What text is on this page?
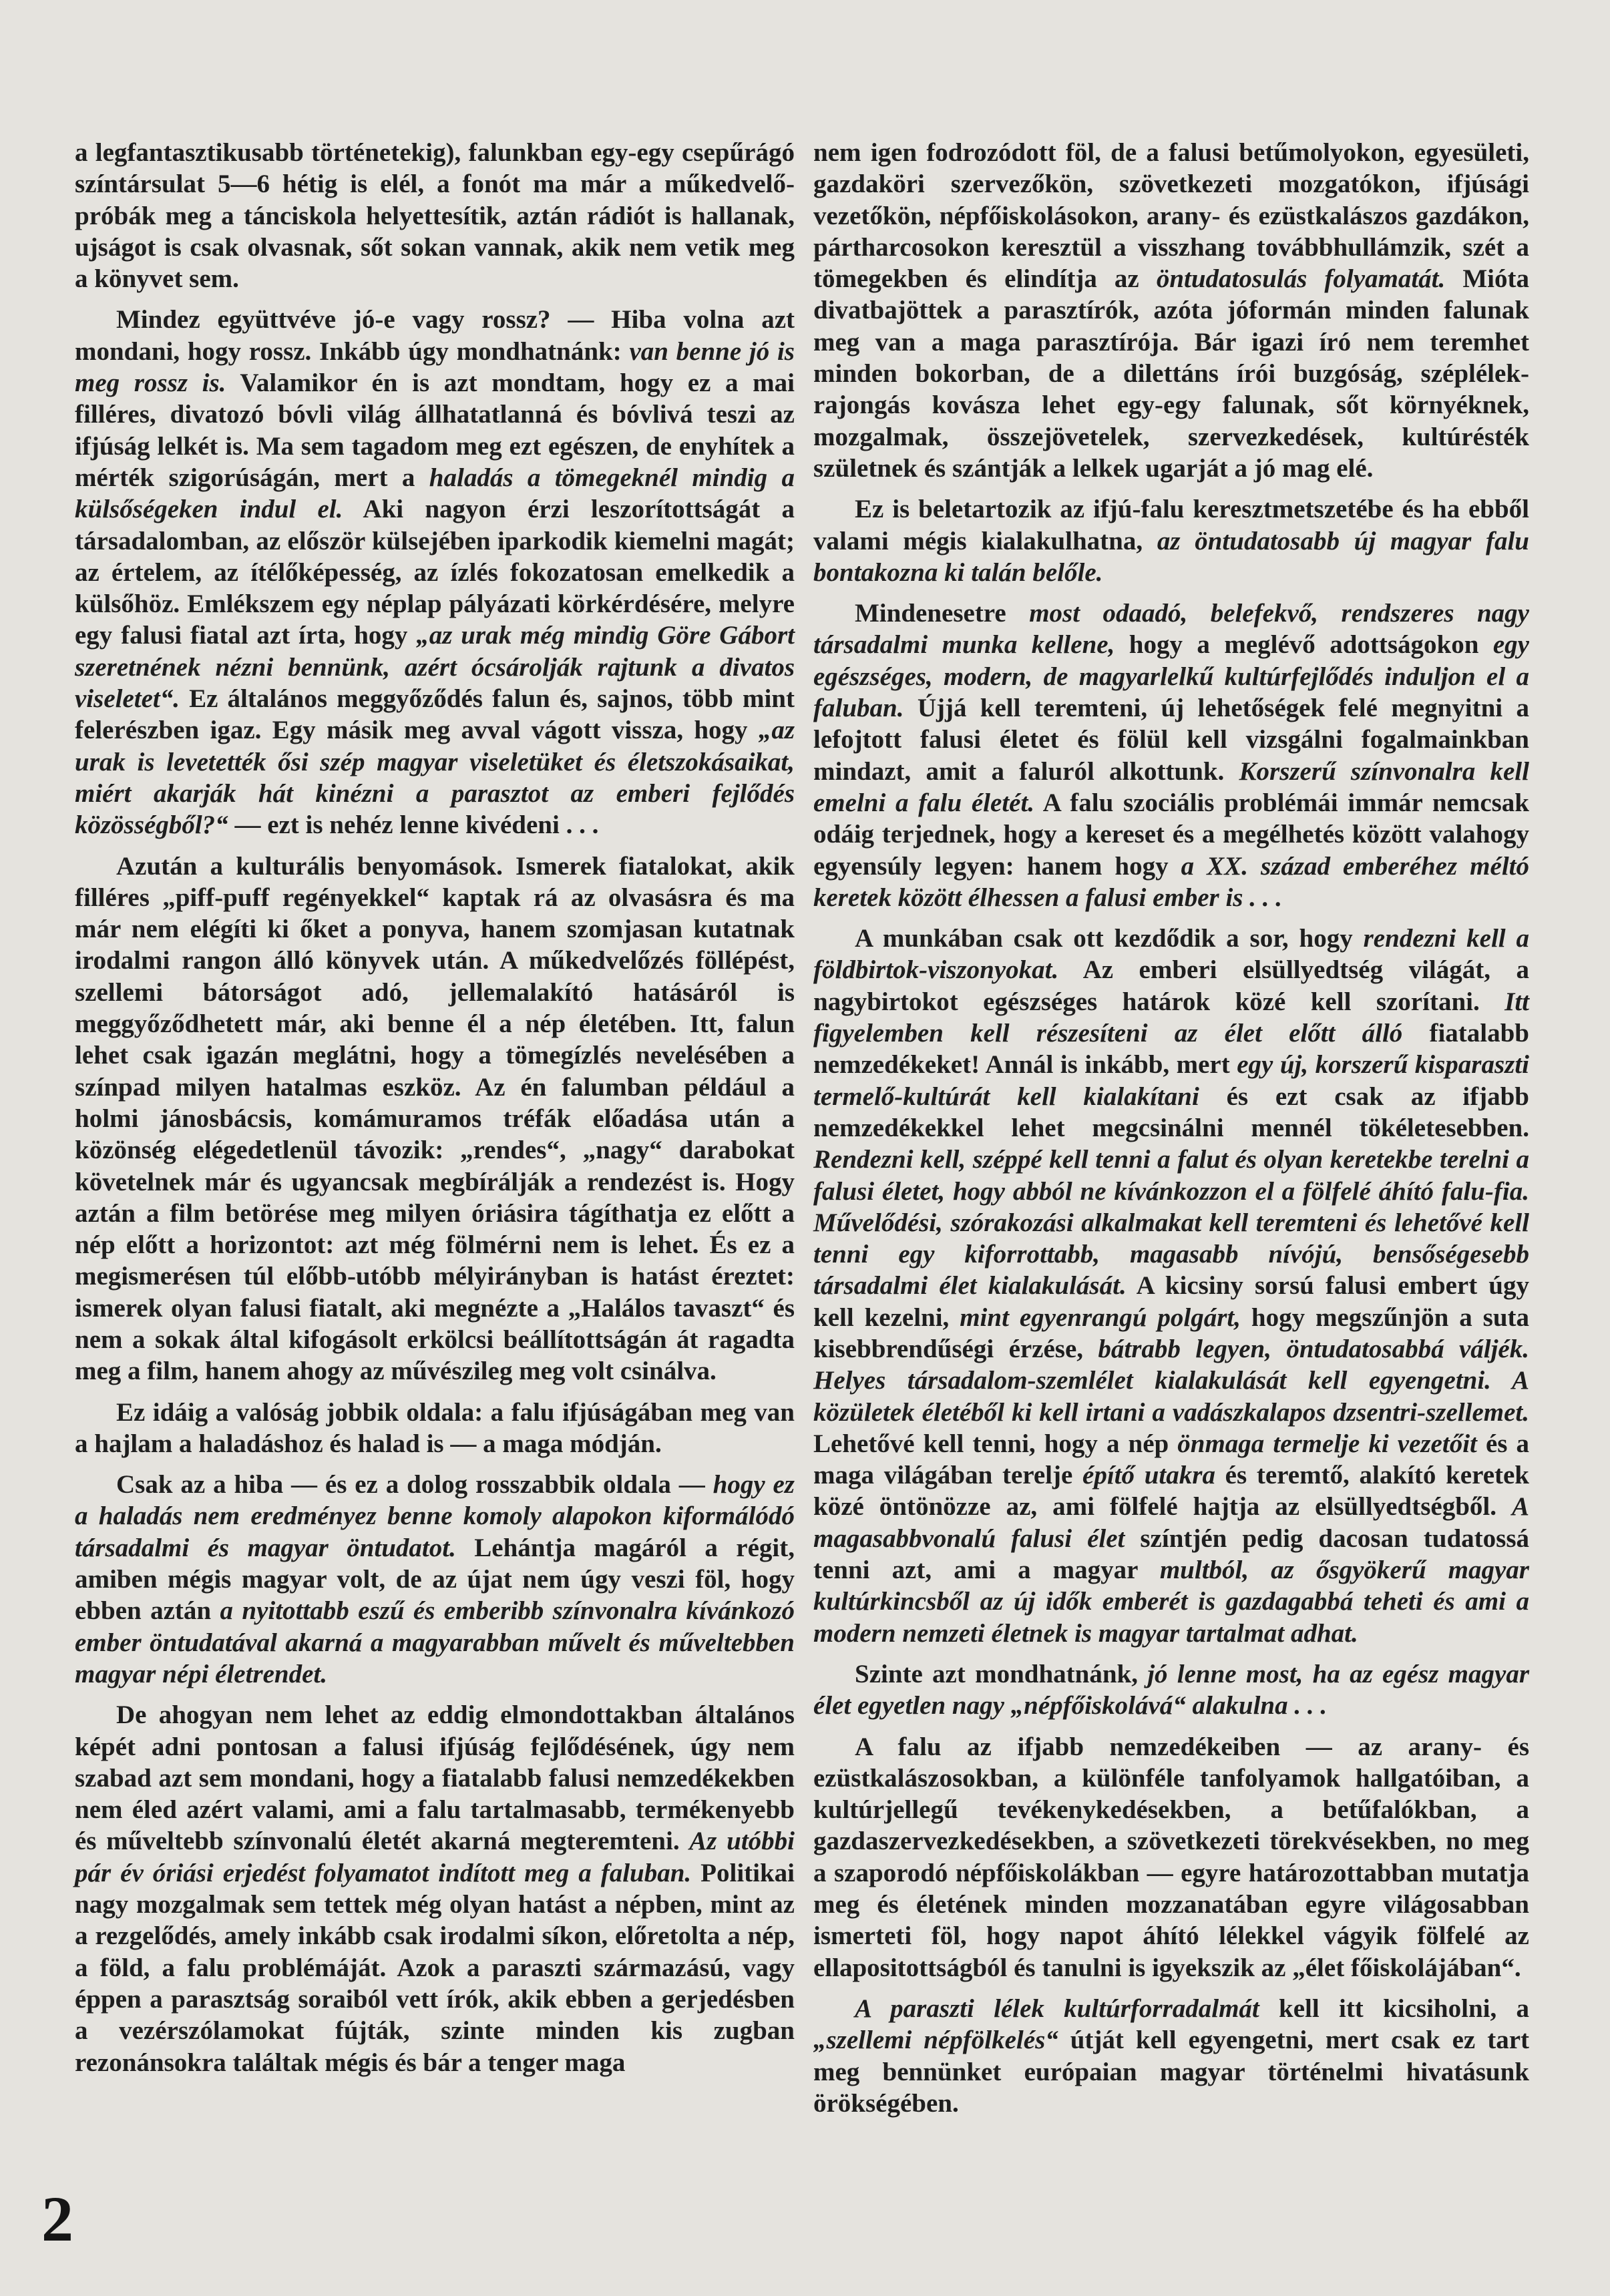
a legfantasztikusabb történetekig), falunkban egy-egy csepűrágó színtársulat 5—6 hétig is elél, a fonót ma már a műkedvelő-próbák meg a tánciskola helyettesítik, aztán rádiót is hallanak, ujságot is csak olvasnak, sőt sokan vannak, akik nem vetik meg a könyvet sem.

Mindez együttvéve jó-e vagy rossz? — Hiba volna azt mondani, hogy rossz. Inkább úgy mondhatnánk: van benne jó is meg rossz is. Valamikor én is azt mondtam, hogy ez a mai filléres, divatozó bóvli világ állhatatlanná és bóvlivá teszi az ifjúság lelkét is. Ma sem tagadom meg ezt egészen, de enyhítek a mérték szigorúságán, mert a haladás a tömegeknél mindig a külsőségeken indul el. Aki nagyon érzi leszorítottságát a társadalomban, az először külsejében iparkodik kiemelni magát; az értelem, az ítélőképesség, az ízlés fokozatosan emelkedik a külsőhöz. Emlékszem egy néplap pályázati körkérdésére, melyre egy falusi fiatal azt írta, hogy „az urak még mindig Göre Gábort szeretnének nézni bennünk, azért ócsárolják rajtunk a divatos viseletet“. Ez általános meggyőződés falun és, sajnos, több mint felerészben igaz. Egy másik meg avval vágott vissza, hogy „az urak is levetették ősi szép magyar viseletüket és életszokásaikat, miért akarják hát kinézni a parasztot az emberi fejlődés közösségből?“ — ezt is nehéz lenne kivédeni . . .

Azután a kulturális benyomások. Ismerek fiatalokat, akik filléres „piff-puff regényekkel“ kaptak rá az olvasásra és ma már nem elégíti ki őket a ponyva, hanem szomjasan kutatnak irodalmi rangon álló könyvek után. A műkedvelőzés föllépést, szellemi bátorságot adó, jellemalakító hatásáról is meggyőződhetett már, aki benne él a nép életében. Itt, falun lehet csak igazán meglátni, hogy a tömegízlés nevelésében a színpad milyen hatalmas eszköz. Az én falumban például a holmi jánosbácsis, komámuramos tréfák előadása után a közönség elégedetlenül távozik: „rendes“, „nagy“ darabokat követelnek már és ugyancsak megbírálják a rendezést is. Hogy aztán a film betörése meg milyen óriásira tágíthatja ez előtt a nép előtt a horizontot: azt még fölmérni nem is lehet. És ez a megismerésen túl előbb-utóbb mélyirányban is hatást éreztet: ismerek olyan falusi fiatalt, aki megnézte a „Halálos tavaszt“ és nem a sokak által kifogásolt erkölcsi beállítottságán át ragadta meg a film, hanem ahogy az művészileg meg volt csinálva.

Ez idáig a valóság jobbik oldala: a falu ifjúságában meg van a hajlam a haladáshoz és halad is — a maga módján.

Csak az a hiba — és ez a dolog rosszabbik oldala — hogy ez a haladás nem eredményez benne komoly alapokon kiformálódó társadalmi és magyar öntudatot. Lehántja magáról a régit, amiben mégis magyar volt, de az újat nem úgy veszi föl, hogy ebben aztán a nyitottabb eszű és emberibb színvonalra kívánkozó ember öntudatával akarná a magyarabban művelt és műveltebben magyar népi életrendet.

De ahogyan nem lehet az eddig elmondottakban általános képét adni pontosan a falusi ifjúság fejlődésének, úgy nem szabad azt sem mondani, hogy a fiatalabb falusi nemzedékekben nem éled azért valami, ami a falu tartalmasabb, termékenyebb és műveltebb színvonalú életét akarná megteremteni. Az utóbbi pár év óriási erjedést folyamatot indított meg a faluban. Politikai nagy mozgalmak sem tettek még olyan hatást a népben, mint az a rezgelődés, amely inkább csak irodalmi síkon, előretolta a nép, a föld, a falu problémáját. Azok a paraszti származású, vagy éppen a parasztság soraiból vett írók, akik ebben a gerjedésben a vezérszólamokat fújták, szinte minden kis zugban rezonánsokra találtak mégis és bár a tenger maga

nem igen fodrozódott föl, de a falusi betűmolyokon, egyesületi, gazdaköri szervezőkön, szövetkezeti mozgatókon, ifjúsági vezetőkön, népfőiskolásokon, arany- és ezüstkalászos gazdákon, pártharcosokon keresztül a visszhang továbbhullámzik, szét a tömegekben és elindítja az öntudatosulás folyamatát. Mióta divatbajöttek a parasztírók, azóta jóformán minden falunak meg van a maga parasztírója. Bár igazi író nem teremhet minden bokorban, de a dilettáns írói buzgóság, széplélek-rajongás kovásza lehet egy-egy falunak, sőt környéknek, mozgalmak, összejövetelek, szervezkedések, kultúrésték születnek és szántják a lelkek ugarját a jó mag elé.

Ez is beletartozik az ifjú-falu keresztmetszetébe és ha ebből valami mégis kialakulhatna, az öntudatosabb új magyar falu bontakozna ki talán belőle.

Mindenesetre most odaadó, belefekvő, rendszeres nagy társadalmi munka kellene, hogy a meglévő adottságokon egy egészséges, modern, de magyarlelkű kultúrfejlődés induljon el a faluban. Újjá kell teremteni, új lehetőségek felé megnyitni a lefojtott falusi életet és fölül kell vizsgálni fogalmainkban mindazt, amit a faluról alkottunk. Korszerű színvonalra kell emelni a falu életét. A falu szociális problémái immár nemcsak odáig terjednek, hogy a kereset és a megélhetés között valahogy egyensúly legyen: hanem hogy a XX. század emberéhez méltó keretek között élhessen a falusi ember is . . .

A munkában csak ott kezdődik a sor, hogy rendezni kell a földbirtok-viszonyokat. Az emberi elsüllyedtség világát, a nagybirtokot egészséges határok közé kell szorítani. Itt figyelemben kell részesíteni az élet előtt álló fiatalabb nemzedékeket! Annál is inkább, mert egy új, korszerű kisparaszti termelő-kultúrát kell kialakítani és ezt csak az ifjabb nemzedékekkel lehet megcsinálni mennél tökéletesebben. Rendezni kell, széppé kell tenni a falut és olyan keretekbe terelni a falusi életet, hogy abból ne kívánkozzon el a fölfelé áhító falu-fia. Művelődési, szórakozási alkalmakat kell teremteni és lehetővé kell tenni egy kiforrottabb, magasabb nívójú, bensőségesebb társadalmi élet kialakulását. A kicsiny sorsú falusi embert úgy kell kezelni, mint egyenrangú polgárt, hogy megszűnjön a suta kisebbrendűségi érzése, bátrabb legyen, öntudatosabbá váljék. Helyes társadalom-szemlélet kialakulását kell egyengetni. A közületek életéből ki kell irtani a vadászkalapos dzsentri-szellemet. Lehetővé kell tenni, hogy a nép önmaga termelje ki vezetőit és a maga világában terelje építő utakra és teremtő, alakító keretek közé öntönözze az, ami fölfelé hajtja az elsüllyedtségből. A magasabbvonalú falusi élet színtjén pedig dacosan tudatossá tenni azt, ami a magyar multból, az ősgyökerű magyar kultúrkincsből az új idők emberét is gazdagabbá teheti és ami a modern nemzeti életnek is magyar tartalmat adhat.

Szinte azt mondhatnánk, jó lenne most, ha az egész magyar élet egyetlen nagy „népfőiskolává“ alakulna . . .

A falu az ifjabb nemzedékeiben — az arany- és ezüstkalászosokban, a különféle tanfolyamok hallgatóiban, a kultúrjellegű tevékenykedésekben, a betűfalókban, a gazdaszervezkedésekben, a szövetkezeti törekvésekben, no meg a szaporodó népfőiskolákban — egyre határozottabban mutatja meg és életének minden mozzanatában egyre világosabban ismerteti föl, hogy napot áhító lélekkel vágyik fölfelé az ellapositottságból és tanulni is igyekszik az „élet főiskolájában“.

A paraszti lélek kultúrforradalmát kell itt kicsiholni, a „szellemi népfölkelés“ útját kell egyengetni, mert csak ez tart meg bennünket európaian magyar történelmi hivatásunk örökségében.

2
